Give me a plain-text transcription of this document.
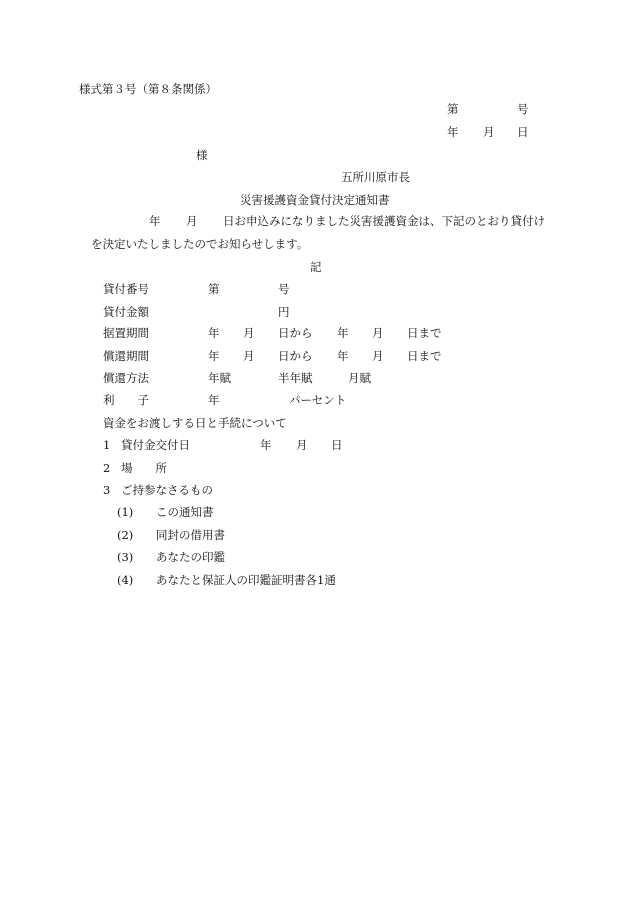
様式第３号（第８条関係）
第	号
年 月 日
様
五所川原市長
災害援護資金貸付決定通知書
年 月 日お申込みになりました災害援護資金は、下記のとおり貸付け
を決定いたしましたのでお知らせします。
記
貸付番号	第	号
貸付金額	円
据置期間	年 月 日から 年 月 日まで
償還期間	年 月 日から 年 月 日まで
償還方法	年賦	半年賦	月賦
利　　子	年	パーセント
資金をお渡しする日と手続について
1 貸付金交付日	年 月 日
2 場　　所
3 ご持参なさるもの
(1) この通知書
(2) 同封の借用書
(3) あなたの印鑑
(4) あなたと保証人の印鑑証明書各1通
